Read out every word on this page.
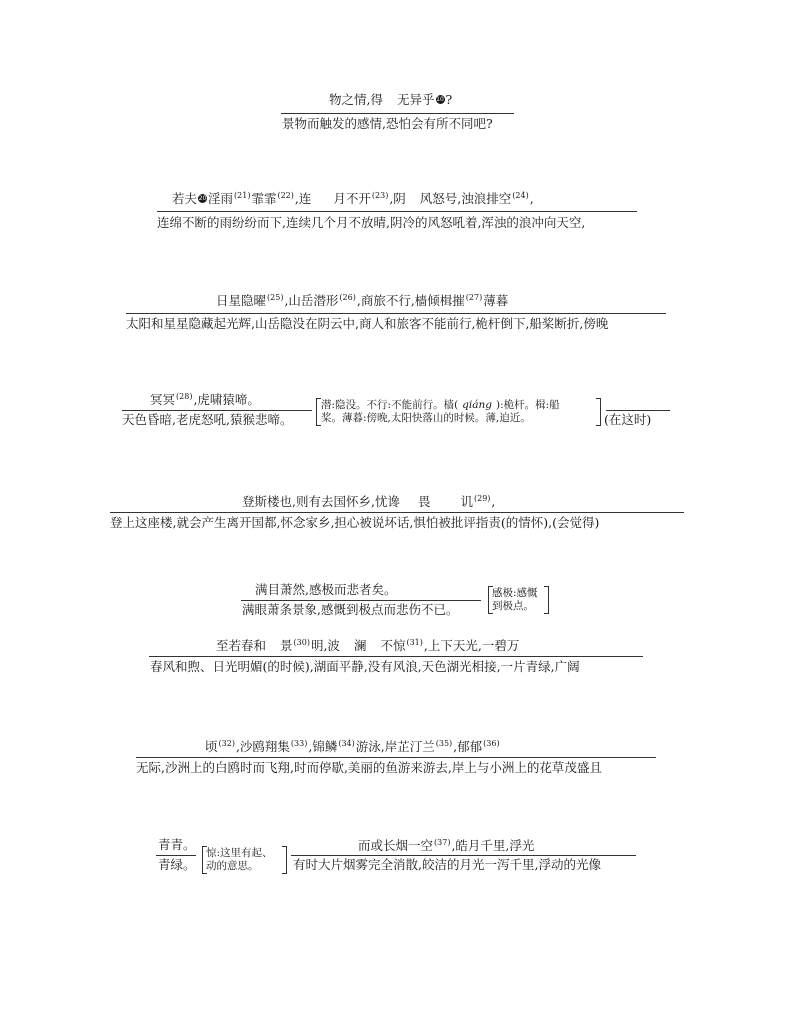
物之情,得 无异乎 10 ?
景物而触发的感情,恐怕会有所不同吧?
若夫 20 淫雨$^{(21)}$霏霏$^{(22)}$,连 月不开$^{(23)}$,阴 风怒号,浊浪排空$^{(24)}$,
连绵不断的雨纷纷而下,连续几个月不放晴,阴冷的风怒吼着,浑浊的浪冲向天空,
日星隐曜$^{(25)}$,山岳潜形$^{(26)}$,商旅不行,樯倾楫摧$^{(27)}$薄暮
太阳和星星隐藏起光辉,山岳隐没在阴云中,商人和旅客不能前行,桅杆倒下,船桨断折,傍晚
冥冥$^{(28)}$,虎啸猿啼。
天色昏暗,老虎怒吼,猿猴悲啼。
潜:隐没。不行:不能前行。樯( qiáng ):桅杆。楫:船
桨。薄暮:傍晚,太阳快落山的时候。薄,迫近。	(在这时)
登斯楼也,则有去国怀乡,忧谗 畏 讥$^{(29)}$,
登上这座楼,就会产生离开国都,怀念家乡,担心被说坏话,惧怕被批评指责(的情怀),(会觉得)
满目萧然,感极而悲者矣。
满眼萧条景象,感慨到极点而悲伤不已。
感极:感慨
到极点。
至若春和 景$^{(30)}$明,波 澜 不惊$^{(31)}$,上下天光,一碧万
春风和煦、日光明媚(的时候),湖面平静,没有风浪,天色湖光相接,一片青绿,广阔
顷$^{(32)}$,沙鸥翔集$^{(33)}$,锦鳞$^{(34)}$游泳,岸芷汀兰$^{(35)}$,郁郁$^{(36)}$
无际,沙洲上的白鸥时而飞翔,时而停歇,美丽的鱼游来游去,岸上与小洲上的花草茂盛且
青青。
青绿。
惊:这里有起、
动的意思。
而或长烟一空$^{(37)}$,皓月千里,浮光
有时大片烟雾完全消散,皎洁的月光一泻千里,浮动的光像
